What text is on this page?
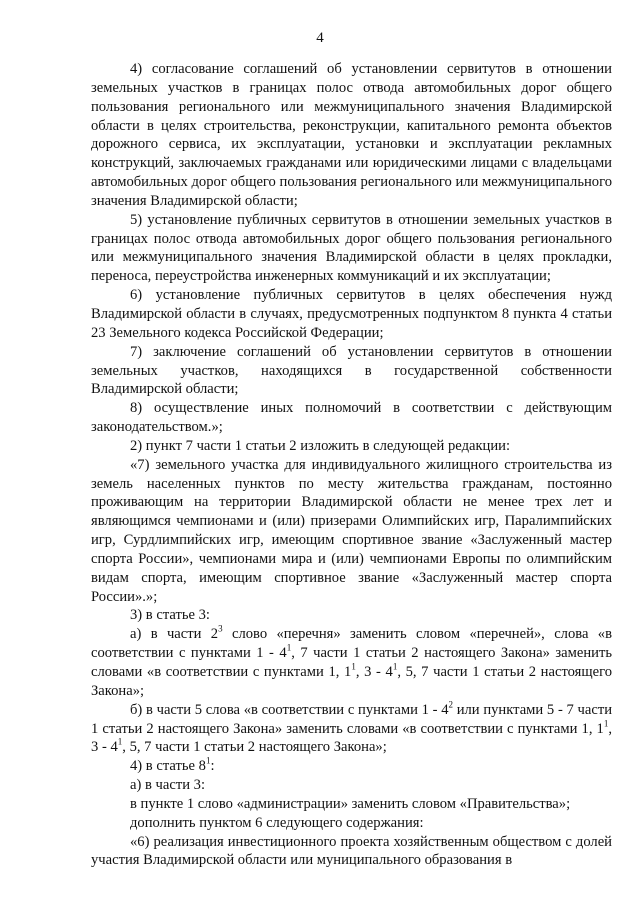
4

4) согласование соглашений об установлении сервитутов в отношении земельных участков в границах полос отвода автомобильных дорог общего пользования регионального или межмуниципального значения Владимирской области в целях строительства, реконструкции, капитального ремонта объектов дорожного сервиса, их эксплуатации, установки и эксплуатации рекламных конструкций, заключаемых гражданами или юридическими лицами с владельцами автомобильных дорог общего пользования регионального или межмуниципального значения Владимирской области;

5) установление публичных сервитутов в отношении земельных участков в границах полос отвода автомобильных дорог общего пользования регионального или межмуниципального значения Владимирской области в целях прокладки, переноса, переустройства инженерных коммуникаций и их эксплуатации;

6) установление публичных сервитутов в целях обеспечения нужд Владимирской области в случаях, предусмотренных подпунктом 8 пункта 4 статьи 23 Земельного кодекса Российской Федерации;

7) заключение соглашений об установлении сервитутов в отношении земельных участков, находящихся в государственной собственности Владимирской области;

8) осуществление иных полномочий в соответствии с действующим законодательством.»;

2) пункт 7 части 1 статьи 2 изложить в следующей редакции:

«7) земельного участка для индивидуального жилищного строительства из земель населенных пунктов по месту жительства гражданам, постоянно проживающим на территории Владимирской области не менее трех лет и являющимся чемпионами и (или) призерами Олимпийских игр, Паралимпийских игр, Сурдлимпийских игр, имеющим спортивное звание «Заслуженный мастер спорта России», чемпионами мира и (или) чемпионами Европы по олимпийским видам спорта, имеющим спортивное звание «Заслуженный мастер спорта России».»;

3) в статье 3:

а) в части $2^3$ слово «перечня» заменить словом «перечней», слова «в соответствии с пунктами $1 - 4^1$, 7 части 1 статьи 2 настоящего Закона» заменить словами «в соответствии с пунктами 1, $1^1$, $3 - 4^1$, 5, 7 части 1 статьи 2 настоящего Закона»;

б) в части 5 слова «в соответствии с пунктами $1 - 4^2$ или пунктами 5 - 7 части 1 статьи 2 настоящего Закона» заменить словами «в соответствии с пунктами 1, $1^1$, $3 - 4^1$, 5, 7 части 1 статьи 2 настоящего Закона»;

4) в статье $8^1$:

а) в части 3:

в пункте 1 слово «администрации» заменить словом «Правительства»;

дополнить пунктом 6 следующего содержания:

«6) реализация инвестиционного проекта хозяйственным обществом с долей участия Владимирской области или муниципального образования в
